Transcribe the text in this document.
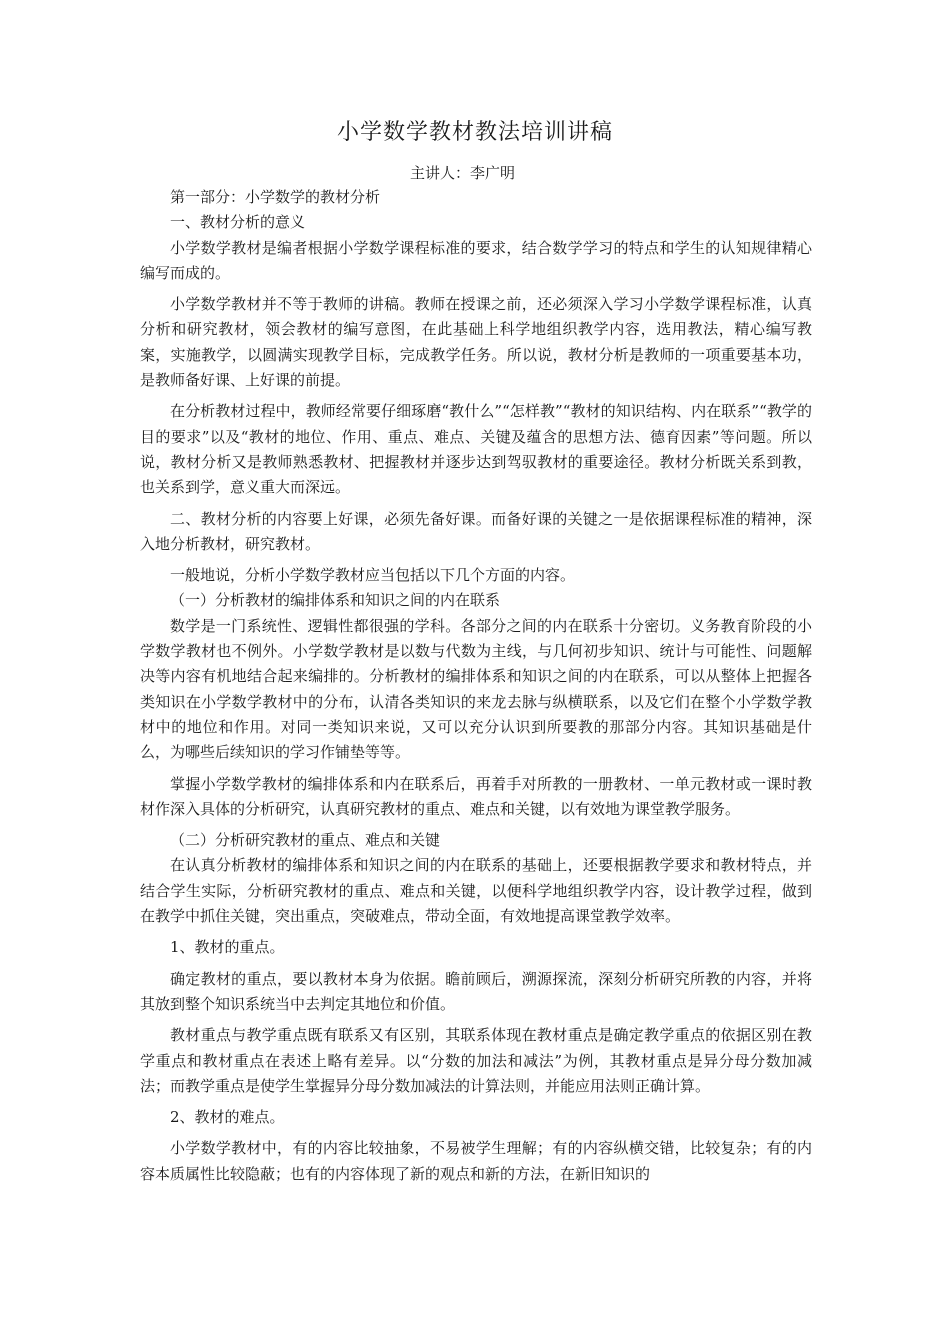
小学数学教材教法培训讲稿

主讲人：李广明

第一部分：小学数学的教材分析

一、教材分析的意义

小学数学教材是编者根据小学数学课程标准的要求，结合数学学习的特点和学生的认知规律精心编写而成的。

小学数学教材并不等于教师的讲稿。教师在授课之前，还必须深入学习小学数学课程标准，认真分析和研究教材，领会教材的编写意图，在此基础上科学地组织教学内容，选用教法，精心编写教案，实施教学，以圆满实现教学目标，完成教学任务。所以说，教材分析是教师的一项重要基本功，是教师备好课、上好课的前提。

在分析教材过程中，教师经常要仔细琢磨“教什么”“怎样教”“教材的知识结构、内在联系”“教学的目的要求”以及“教材的地位、作用、重点、难点、关键及蕴含的思想方法、德育因素”等问题。所以说，教材分析又是教师熟悉教材、把握教材并逐步达到驾驭教材的重要途径。教材分析既关系到教，也关系到学，意义重大而深远。

二、教材分析的内容要上好课，必须先备好课。而备好课的关键之一是依据课程标准的精神，深入地分析教材，研究教材。

一般地说，分析小学数学教材应当包括以下几个方面的内容。

（一）分析教材的编排体系和知识之间的内在联系

数学是一门系统性、逻辑性都很强的学科。各部分之间的内在联系十分密切。义务教育阶段的小学数学教材也不例外。小学数学教材是以数与代数为主线，与几何初步知识、统计与可能性、问题解决等内容有机地结合起来编排的。分析教材的编排体系和知识之间的内在联系，可以从整体上把握各类知识在小学数学教材中的分布，认清各类知识的来龙去脉与纵横联系，以及它们在整个小学数学教材中的地位和作用。对同一类知识来说，又可以充分认识到所要教的那部分内容。其知识基础是什么，为哪些后续知识的学习作铺垫等等。

掌握小学数学教材的编排体系和内在联系后，再着手对所教的一册教材、一单元教材或一课时教材作深入具体的分析研究，认真研究教材的重点、难点和关键，以有效地为课堂教学服务。

（二）分析研究教材的重点、难点和关键

在认真分析教材的编排体系和知识之间的内在联系的基础上，还要根据教学要求和教材特点，并结合学生实际，分析研究教材的重点、难点和关键，以便科学地组织教学内容，设计教学过程，做到在教学中抓住关键，突出重点，突破难点，带动全面，有效地提高课堂教学效率。

1、教材的重点。

确定教材的重点，要以教材本身为依据。瞻前顾后，溯源探流，深刻分析研究所教的内容，并将其放到整个知识系统当中去判定其地位和价值。

教材重点与教学重点既有联系又有区别，其联系体现在教材重点是确定教学重点的依据区别在教学重点和教材重点在表述上略有差异。以“分数的加法和减法”为例，其教材重点是异分母分数加减法；而教学重点是使学生掌握异分母分数加减法的计算法则，并能应用法则正确计算。

2、教材的难点。

小学数学教材中，有的内容比较抽象，不易被学生理解；有的内容纵横交错，比较复杂；有的内容本质属性比较隐蔽；也有的内容体现了新的观点和新的方法，在新旧知识的
